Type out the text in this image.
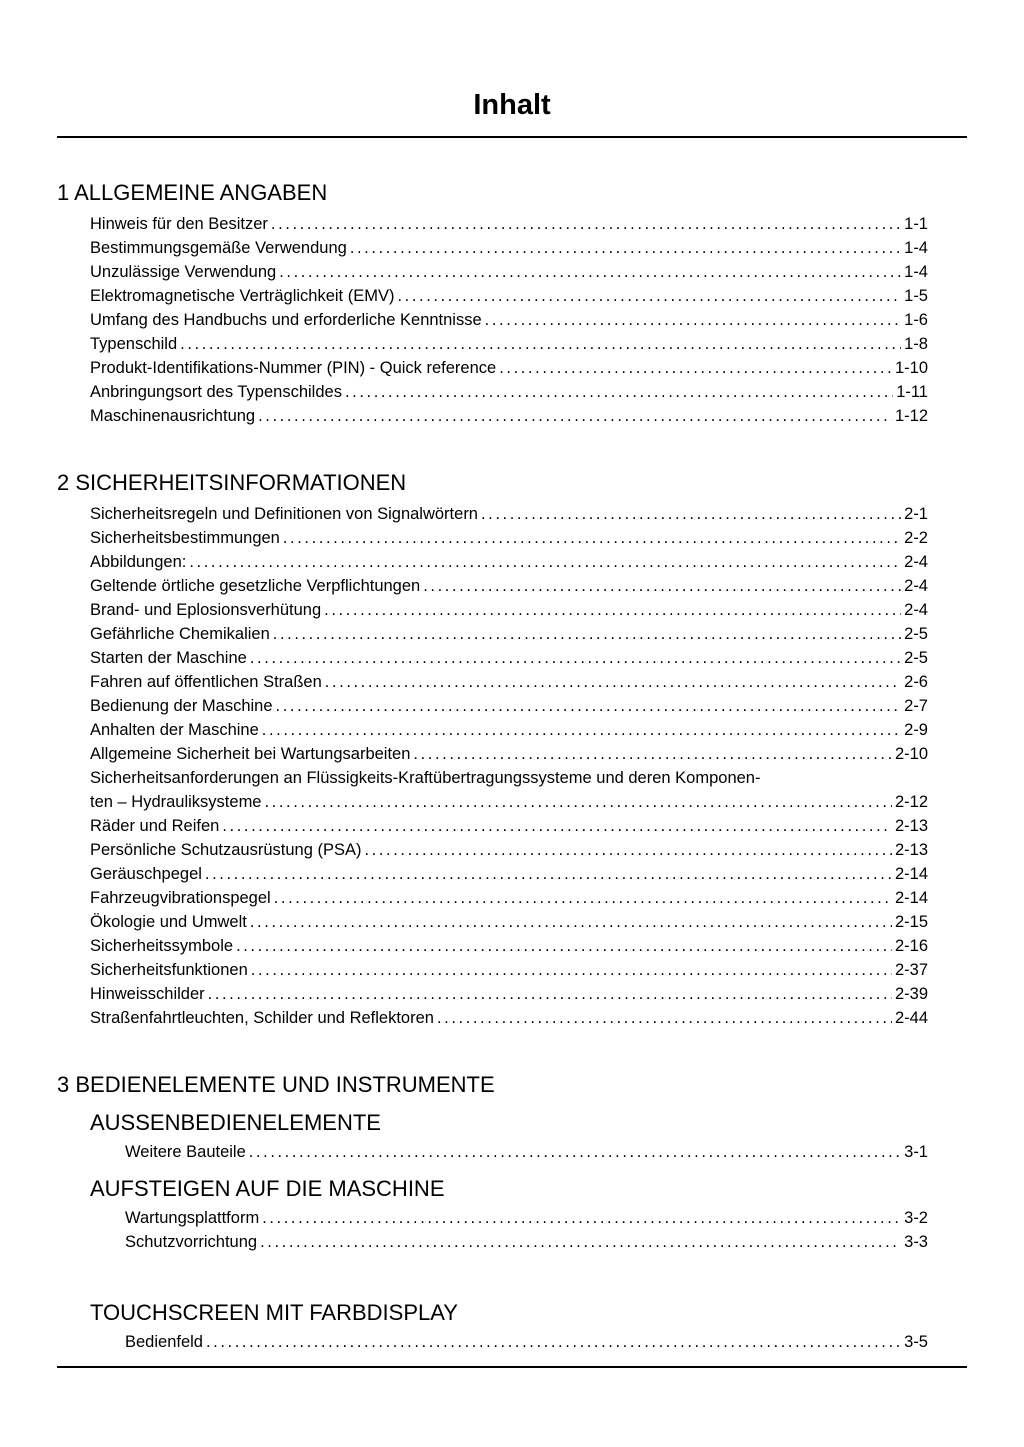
Inhalt
1 ALLGEMEINE ANGABEN
Hinweis für den Besitzer .....	1-1
Bestimmungsgemäße Verwendung .....	1-4
Unzulässige Verwendung .....	1-4
Elektromagnetische Verträglichkeit (EMV) .....	1-5
Umfang des Handbuchs und erforderliche Kenntnisse .....	1-6
Typenschild .....	1-8
Produkt-Identifikations-Nummer (PIN) - Quick reference .....	1-10
Anbringungsort des Typenschildes .....	1-11
Maschinenausrichtung .....	1-12
2 SICHERHEITSINFORMATIONEN
Sicherheitsregeln und Definitionen von Signalwörtern .....	2-1
Sicherheitsbestimmungen .....	2-2
Abbildungen: .....	2-4
Geltende örtliche gesetzliche Verpflichtungen .....	2-4
Brand- und Eplosionsverhütung .....	2-4
Gefährliche Chemikalien .....	2-5
Starten der Maschine .....	2-5
Fahren auf öffentlichen Straßen .....	2-6
Bedienung der Maschine .....	2-7
Anhalten der Maschine .....	2-9
Allgemeine Sicherheit bei Wartungsarbeiten .....	2-10
Sicherheitsanforderungen an Flüssigkeits-Kraftübertragungssysteme und deren Komponen-
ten – Hydrauliksysteme .....	2-12
Räder und Reifen .....	2-13
Persönliche Schutzausrüstung (PSA) .....	2-13
Geräuschpegel .....	2-14
Fahrzeugvibrationspegel .....	2-14
Ökologie und Umwelt .....	2-15
Sicherheitssymbole .....	2-16
Sicherheitsfunktionen .....	2-37
Hinweisschilder .....	2-39
Straßenfahrtleuchten, Schilder und Reflektoren .....	2-44
3 BEDIENELEMENTE UND INSTRUMENTE
AUSSENBEDIENELEMENTE
Weitere Bauteile .....	3-1
AUFSTEIGEN AUF DIE MASCHINE
Wartungsplattform .....	3-2
Schutzvorrichtung .....	3-3
TOUCHSCREEN MIT FARBDISPLAY
Bedienfeld .....	3-5
